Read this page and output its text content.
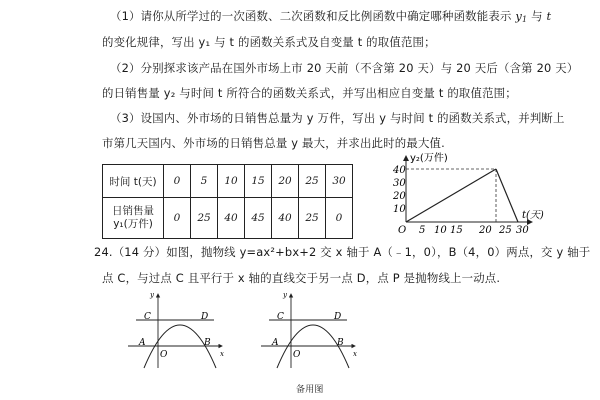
（1）请你从所学过的一次函数、二次函数和反比例函数中确定哪种函数能表示 $y_1$ 与 t
的变化规律，写出 y₁ 与 t 的函数关系式及自变量 t 的取值范围；
（2）分别探求该产品在国外市场上市 20 天前（不含第 20 天）与 20 天后（含第 20 天）
的日销售量 y₂ 与时间 t 所符合的函数关系式，并写出相应自变量 t 的取值范围；
（3）设国内、外市场的日销售总量为 y 万件，写出 y 与时间 t 的函数关系式，并判断上
市第几天国内、外市场的日销售总量 y 最大，并求出此时的最大值.
时间 t(天)	0	5	10	15	20	25	30

日销售量
y₁(万件)	0	25	40	45	40	25	0
y₂(万件)
t(天)
O
10
20
30
40
5 10 15 20 25 30
24.（14 分）如图，抛物线 y=ax²+bx+2 交 x 轴于 A（﹣1，0），B（4，0）两点，交 y 轴于
点 C，与过点 C 且平行于 x 轴的直线交于另一点 D，点 P 是抛物线上一动点.
y
x
C	D
A	B
O
y
x
C	D
A	B
O
备用图
